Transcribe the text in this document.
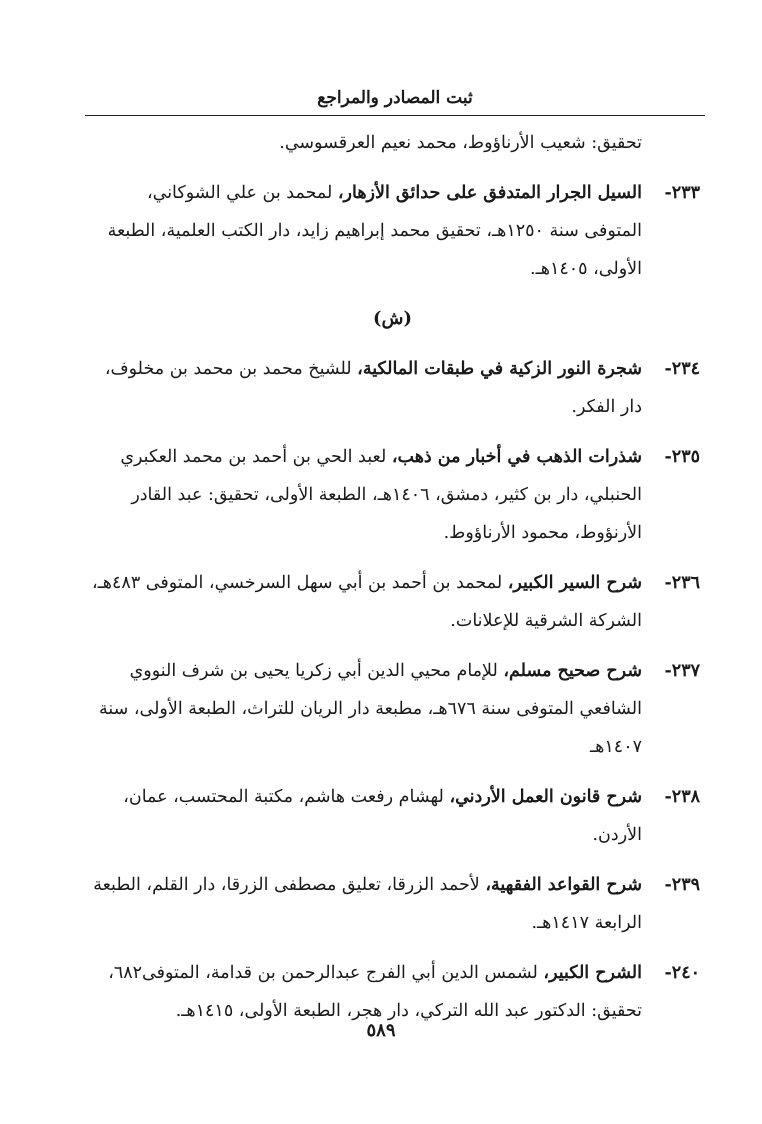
ثبت المصادر والمراجع
تحقيق: شعيب الأرناؤوط، محمد نعيم العرقسوسي.
٢٣٣-
السيل الجرار المتدفق على حدائق الأزهار، لمحمد بن علي الشوكاني، المتوفى سنة ١٢٥٠هـ، تحقيق محمد إبراهيم زايد، دار الكتب العلمية، الطبعة الأولى، ١٤٠٥هـ.
(ش)
٢٣٤-
شجرة النور الزكية في طبقات المالكية، للشيخ محمد بن محمد بن مخلوف، دار الفكر.
٢٣٥-
شذرات الذهب في أخبار من ذهب، لعبد الحي بن أحمد بن محمد العكبري الحنبلي، دار بن كثير، دمشق، ١٤٠٦هـ، الطبعة الأولى، تحقيق: عبد القادر الأرنؤوط، محمود الأرناؤوط.
٢٣٦-
شرح السير الكبير، لمحمد بن أحمد بن أبي سهل السرخسي، المتوفى ٤٨٣هـ، الشركة الشرقية للإعلانات.
٢٣٧-
شرح صحيح مسلم، للإمام محيي الدين أبي زكريا يحيى بن شرف النووي الشافعي المتوفى سنة ٦٧٦هـ، مطبعة دار الريان للتراث، الطبعة الأولى، سنة ١٤٠٧هـ
٢٣٨-
شرح قانون العمل الأردني، لهشام رفعت هاشم، مكتبة المحتسب، عمان، الأردن.
٢٣٩-
شرح القواعد الفقهية، لأحمد الزرقا، تعليق مصطفى الزرقا، دار القلم، الطبعة الرابعة ١٤١٧هـ.
٢٤٠-
الشرح الكبير، لشمس الدين أبي الفرج عبدالرحمن بن قدامة، المتوفى٦٨٢، تحقيق: الدكتور عبد الله التركي، دار هجر، الطبعة الأولى، ١٤١٥هـ.
٥٨٩
